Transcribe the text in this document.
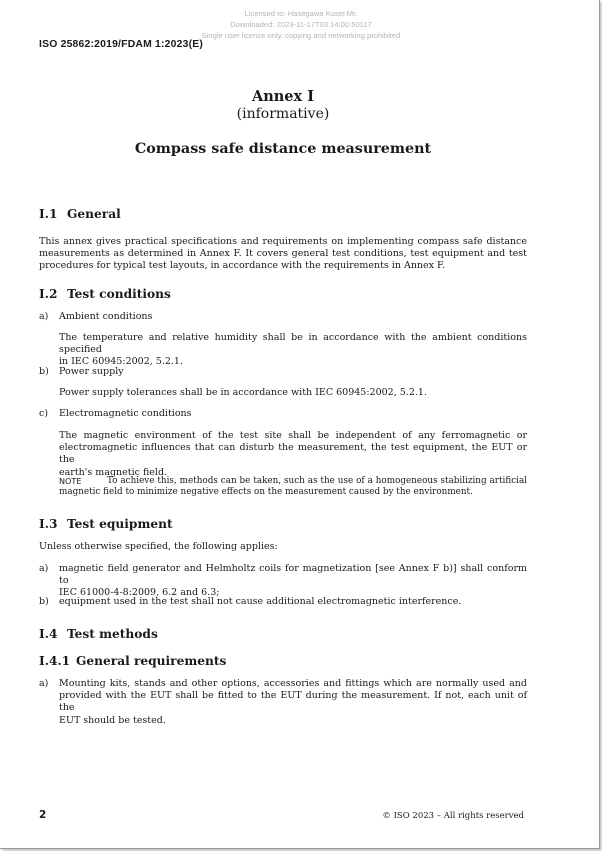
Licensed to: Hasegawa Kosei Mr.
Downloaded: 2023-11-17T03:14:00.50117
Single user licence only, copying and networking prohibited
ISO 25862:2019/FDAM 1:2023(E)
Annex I
(informative)
Compass safe distance measurement
I.1 General
This annex gives practical specifications and requirements on implementing compass safe distance
measurements as determined in Annex F. It covers general test conditions, test equipment and test
procedures for typical test layouts, in accordance with the requirements in Annex F.
I.2 Test conditions
a) Ambient conditions
The temperature and relative humidity shall be in accordance with the ambient conditions specified
in IEC 60945:2002, 5.2.1.
b) Power supply
Power supply tolerances shall be in accordance with IEC 60945:2002, 5.2.1.
c) Electromagnetic conditions
The magnetic environment of the test site shall be independent of any ferromagnetic or
electromagnetic influences that can disturb the measurement, the test equipment, the EUT or the
earth's magnetic field.
NOTE	To achieve this, methods can be taken, such as the use of a homogeneous stabilizing artificial
magnetic field to minimize negative effects on the measurement caused by the environment.
I.3 Test equipment
Unless otherwise specified, the following applies:
a) magnetic field generator and Helmholtz coils for magnetization [see Annex F b)] shall conform to
IEC 61000-4-8:2009, 6.2 and 6.3;
b) equipment used in the test shall not cause additional electromagnetic interference.
I.4 Test methods
I.4.1 General requirements
a) Mounting kits, stands and other options, accessories and fittings which are normally used and
provided with the EUT shall be fitted to the EUT during the measurement. If not, each unit of the
EUT should be tested.
2	© ISO 2023 – All rights reserved
